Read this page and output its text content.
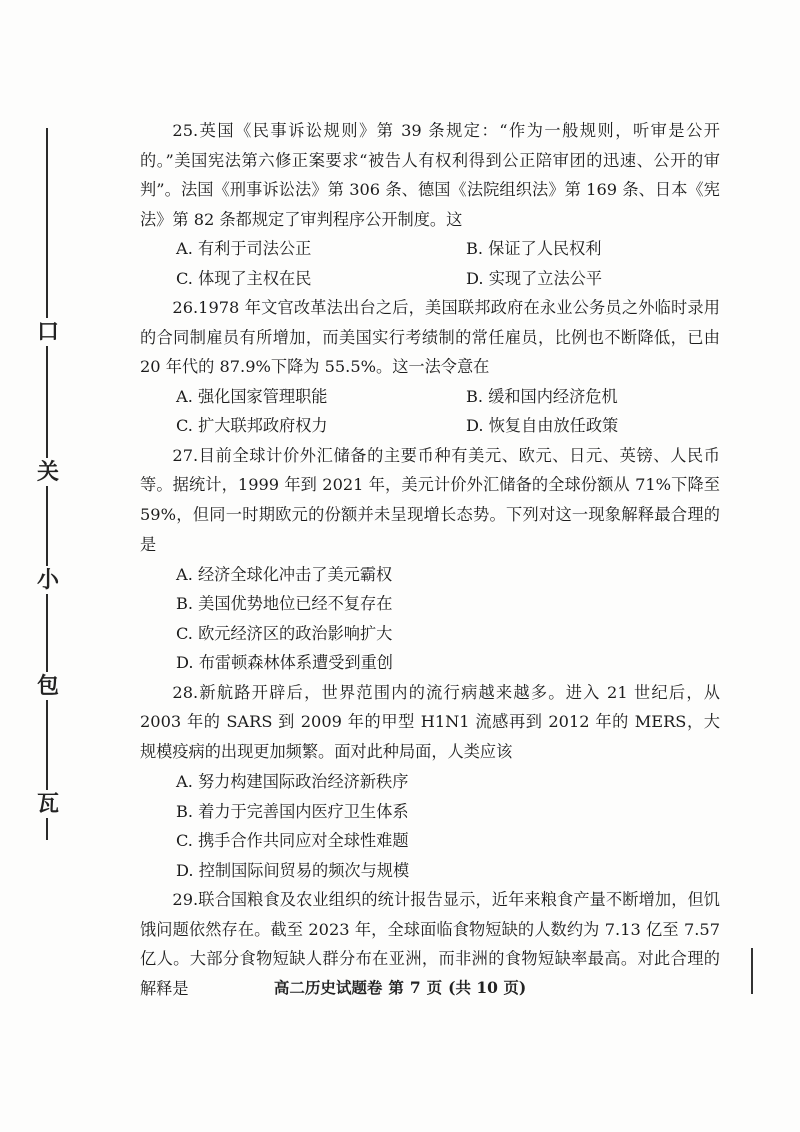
口
关
小
包
瓦

25.英国《民事诉讼规则》第 39 条规定：“作为一般规则，听审是公开的。”美国宪法第六修正案要求“被告人有权利得到公正陪审团的迅速、公开的审判”。法国《刑事诉讼法》第 306 条、德国《法院组织法》第 169 条、日本《宪法》第 82 条都规定了审判程序公开制度。这

A. 有利于司法公正	B. 保证了人民权利
C. 体现了主权在民	D. 实现了立法公平

26.1978 年文官改革法出台之后，美国联邦政府在永业公务员之外临时录用的合同制雇员有所增加，而美国实行考绩制的常任雇员，比例也不断降低，已由 20 年代的 87.9%下降为 55.5%。这一法令意在

A. 强化国家管理职能	B. 缓和国内经济危机
C. 扩大联邦政府权力	D. 恢复自由放任政策

27.目前全球计价外汇储备的主要币种有美元、欧元、日元、英镑、人民币等。据统计，1999 年到 2021 年，美元计价外汇储备的全球份额从 71%下降至 59%，但同一时期欧元的份额并未呈现增长态势。下列对这一现象解释最合理的是

A. 经济全球化冲击了美元霸权
B. 美国优势地位已经不复存在
C. 欧元经济区的政治影响扩大
D. 布雷顿森林体系遭受到重创

28.新航路开辟后，世界范围内的流行病越来越多。进入 21 世纪后，从 2003 年的 SARS 到 2009 年的甲型 H1N1 流感再到 2012 年的 MERS，大规模疫病的出现更加频繁。面对此种局面，人类应该

A. 努力构建国际政治经济新秩序
B. 着力于完善国内医疗卫生体系
C. 携手合作共同应对全球性难题
D. 控制国际间贸易的频次与规模

29.联合国粮食及农业组织的统计报告显示，近年来粮食产量不断增加，但饥饿问题依然存在。截至 2023 年，全球面临食物短缺的人数约为 7.13 亿至 7.57 亿人。大部分食物短缺人群分布在亚洲，而非洲的食物短缺率最高。对此合理的解释是	高二历史试题卷 第 7 页 (共 10 页)
